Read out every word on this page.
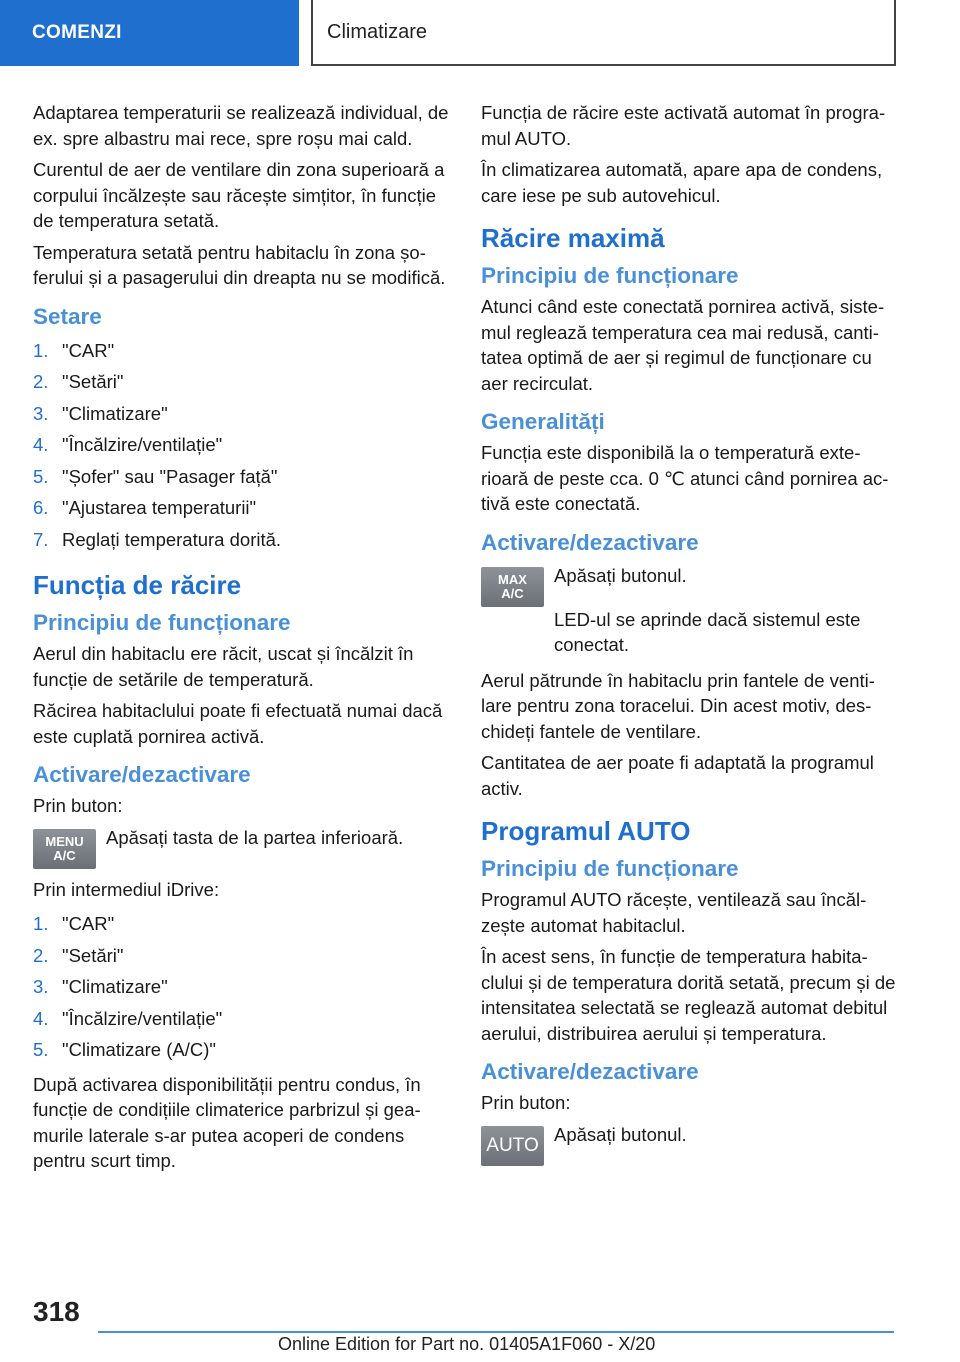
COMENZI	Climatizare

Adaptarea temperaturii se realizează individual, de ex. spre albastru mai rece, spre roșu mai cald.

Curentul de aer de ventilare din zona superioară a corpului încălzește sau răcește simțitor, în funcție de temperatura setată.

Temperatura setată pentru habitaclu în zona șoferului și a pasagerului din dreapta nu se modifică.

Setare
1. "CAR"
2. "Setări"
3. "Climatizare"
4. "Încălzire/ventilație"
5. "Șofer" sau "Pasager față"
6. "Ajustarea temperaturii"
7. Reglați temperatura dorită.
Funcția de răcire
Principiu de funcționare

Aerul din habitaclu ere răcit, uscat și încălzit în funcție de setările de temperatură.

Răcirea habitaclului poate fi efectuată numai dacă este cuplată pornirea activă.

Activare/dezactivare

Prin buton:

MENU
A/C

Apăsați tasta de la partea inferioară.

Prin intermediul iDrive:

1. "CAR"
2. "Setări"
3. "Climatizare"
4. "Încălzire/ventilație"
5. "Climatizare (A/C)"

După activarea disponibilității pentru condus, în funcție de condițiile climaterice parbrizul și geamurile laterale s-ar putea acoperi de condens pentru scurt timp.

Funcția de răcire este activată automat în programul AUTO.

În climatizarea automată, apare apa de condens, care iese pe sub autovehicul.

Răcire maximă
Principiu de funcționare

Atunci când este conectată pornirea activă, sistemul reglează temperatura cea mai redusă, cantitatea optimă de aer și regimul de funcționare cu aer recirculat.

Generalități

Funcția este disponibilă la o temperatură exterioară de peste cca. 0 ℃ atunci când pornirea activă este conectată.

Activare/dezactivare
MAX
A/C

Apăsați butonul.

LED-ul se aprinde dacă sistemul este conectat.

Aerul pătrunde în habitaclu prin fantele de ventilare pentru zona toracelui. Din acest motiv, deschideți fantele de ventilare.

Cantitatea de aer poate fi adaptată la programul activ.

Programul AUTO
Principiu de funcționare

Programul AUTO răcește, ventilează sau încălzește automat habitaclul.

În acest sens, în funcție de temperatura habitaclului și de temperatura dorită setată, precum și de intensitatea selectată se reglează automat debitul aerului, distribuirea aerului și temperatura.

Activare/dezactivare

Prin buton:

AUTO

Apăsați butonul.

318
Online Edition for Part no. 01405A1F060 - X/20
